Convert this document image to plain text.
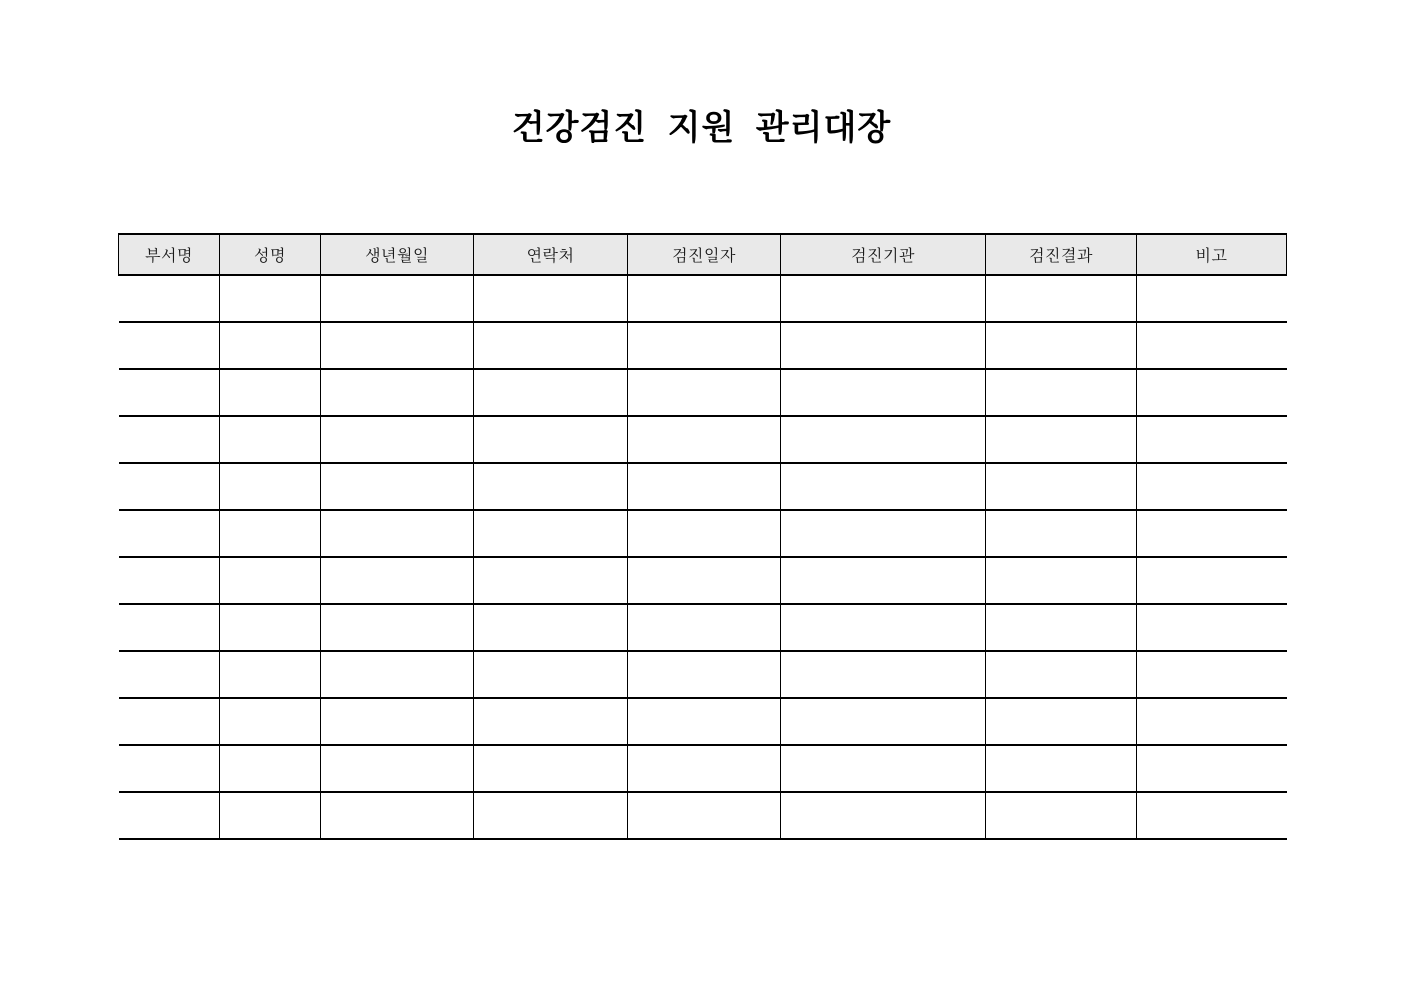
건강검진 지원 관리대장
부서명	성명	생년월일	연락처	검진일자	검진기관	검진결과	비고
